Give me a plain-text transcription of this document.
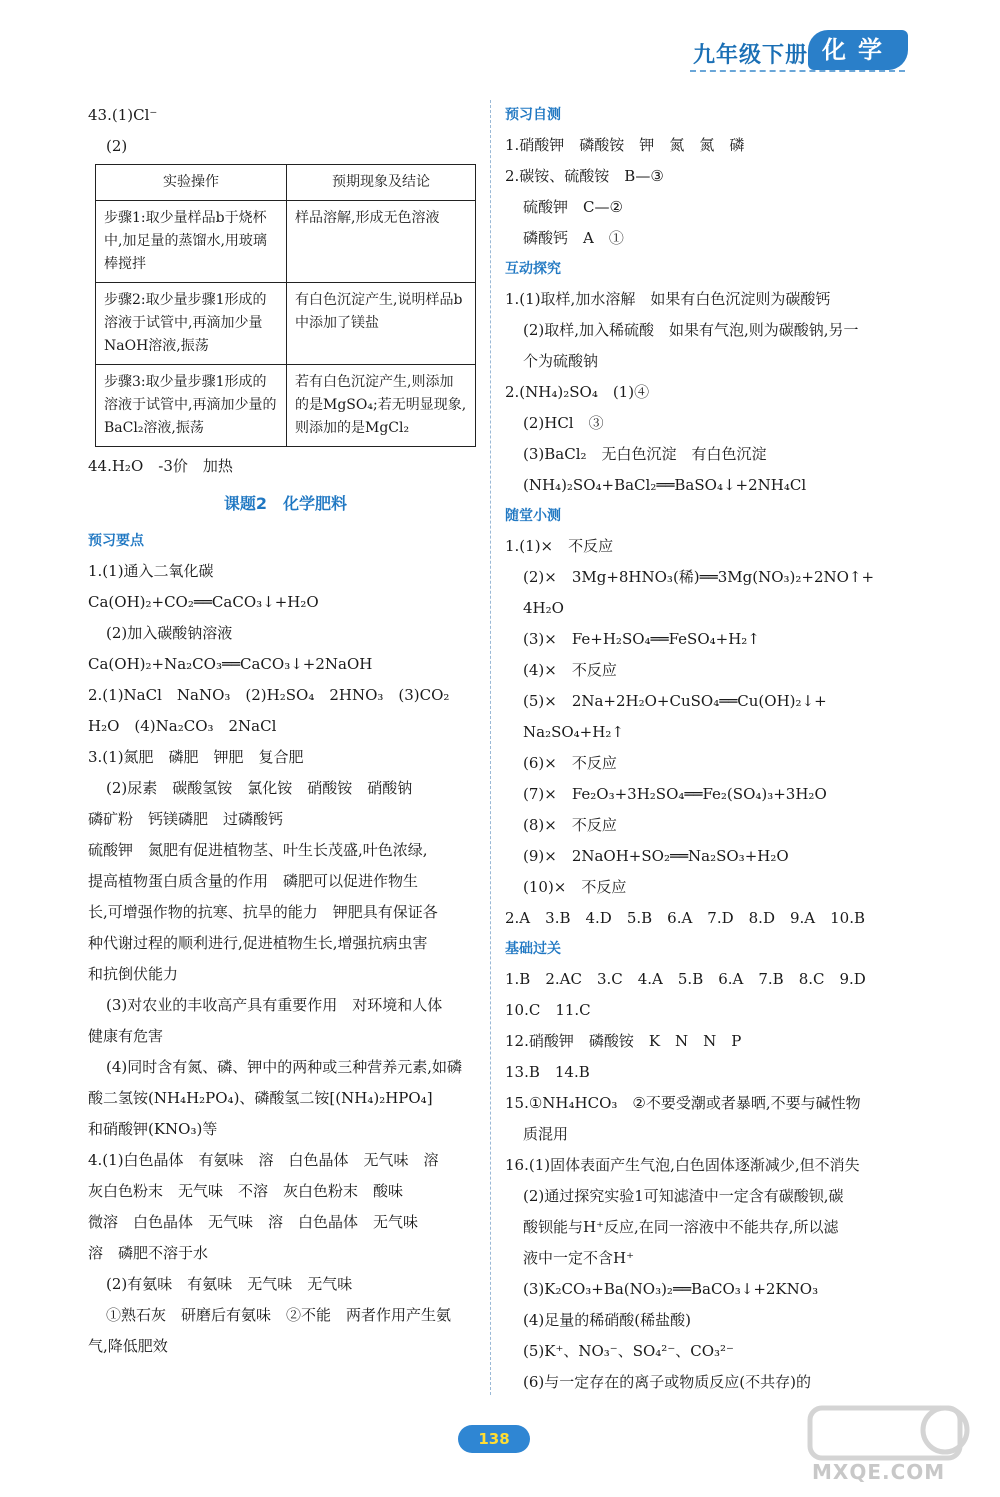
九年级下册 化学
43.(1)Cl⁻
(2)
实验操作	预期现象及结论
步骤1:取少量样品b于烧杯中,加足量的蒸馏水,用玻璃棒搅拌	样品溶解,形成无色溶液
步骤2:取少量步骤1形成的溶液于试管中,再滴加少量NaOH溶液,振荡	有白色沉淀产生,说明样品b中添加了镁盐
步骤3:取少量步骤1形成的溶液于试管中,再滴加少量的BaCl₂溶液,振荡	若有白色沉淀产生,则添加的是MgSO₄;若无明显现象,则添加的是MgCl₂
44.H₂O　-3价　加热
课题2　化学肥料
预习要点
1.(1)通入二氧化碳
Ca(OH)₂+CO₂══CaCO₃↓+H₂O
(2)加入碳酸钠溶液
Ca(OH)₂+Na₂CO₃══CaCO₃↓+2NaOH
2.(1)NaCl　NaNO₃　(2)H₂SO₄　2HNO₃　(3)CO₂
H₂O　(4)Na₂CO₃　2NaCl
3.(1)氮肥　磷肥　钾肥　复合肥
(2)尿素　碳酸氢铵　氯化铵　硝酸铵　硝酸钠
磷矿粉　钙镁磷肥　过磷酸钙
硫酸钾　氮肥有促进植物茎、叶生长茂盛,叶色浓绿,
提高植物蛋白质含量的作用　磷肥可以促进作物生
长,可增强作物的抗寒、抗旱的能力　钾肥具有保证各
种代谢过程的顺利进行,促进植物生长,增强抗病虫害
和抗倒伏能力
(3)对农业的丰收高产具有重要作用　对环境和人体
健康有危害
(4)同时含有氮、磷、钾中的两种或三种营养元素,如磷
酸二氢铵(NH₄H₂PO₄)、磷酸氢二铵[(NH₄)₂HPO₄]
和硝酸钾(KNO₃)等
4.(1)白色晶体　有氨味　溶　白色晶体　无气味　溶
灰白色粉末　无气味　不溶　灰白色粉末　酸味
微溶　白色晶体　无气味　溶　白色晶体　无气味
溶　磷肥不溶于水
(2)有氨味　有氨味　无气味　无气味
①熟石灰　研磨后有氨味　②不能　两者作用产生氨
气,降低肥效
预习自测
1.硝酸钾　磷酸铵　钾　氮　氮　磷
2.碳铵、硫酸铵　B—③
硫酸钾　C—②
磷酸钙　A　①
互动探究
1.(1)取样,加水溶解　如果有白色沉淀则为碳酸钙
(2)取样,加入稀硫酸　如果有气泡,则为碳酸钠,另一
个为硫酸钠
2.(NH₄)₂SO₄　(1)④
(2)HCl　③
(3)BaCl₂　无白色沉淀　有白色沉淀
(NH₄)₂SO₄+BaCl₂══BaSO₄↓+2NH₄Cl
随堂小测
1.(1)×　不反应
(2)×　3Mg+8HNO₃(稀)══3Mg(NO₃)₂+2NO↑+
4H₂O
(3)×　Fe+H₂SO₄══FeSO₄+H₂↑
(4)×　不反应
(5)×　2Na+2H₂O+CuSO₄══Cu(OH)₂↓+
Na₂SO₄+H₂↑
(6)×　不反应
(7)×　Fe₂O₃+3H₂SO₄══Fe₂(SO₄)₃+3H₂O
(8)×　不反应
(9)×　2NaOH+SO₂══Na₂SO₃+H₂O
(10)×　不反应
2.A　3.B　4.D　5.B　6.A　7.D　8.D　9.A　10.B
基础过关
1.B　2.AC　3.C　4.A　5.B　6.A　7.B　8.C　9.D
10.C　11.C
12.硝酸钾　磷酸铵　K　N　N　P
13.B　14.B
15.①NH₄HCO₃　②不要受潮或者暴晒,不要与碱性物
质混用
16.(1)固体表面产生气泡,白色固体逐渐减少,但不消失
(2)通过探究实验1可知滤渣中一定含有碳酸钡,碳
酸钡能与H⁺反应,在同一溶液中不能共存,所以滤
液中一定不含H⁺
(3)K₂CO₃+Ba(NO₃)₂══BaCO₃↓+2KNO₃
(4)足量的稀硝酸(稀盐酸)
(5)K⁺、NO₃⁻、SO₄²⁻、CO₃²⁻
(6)与一定存在的离子或物质反应(不共存)的
138
MXQE.COM
